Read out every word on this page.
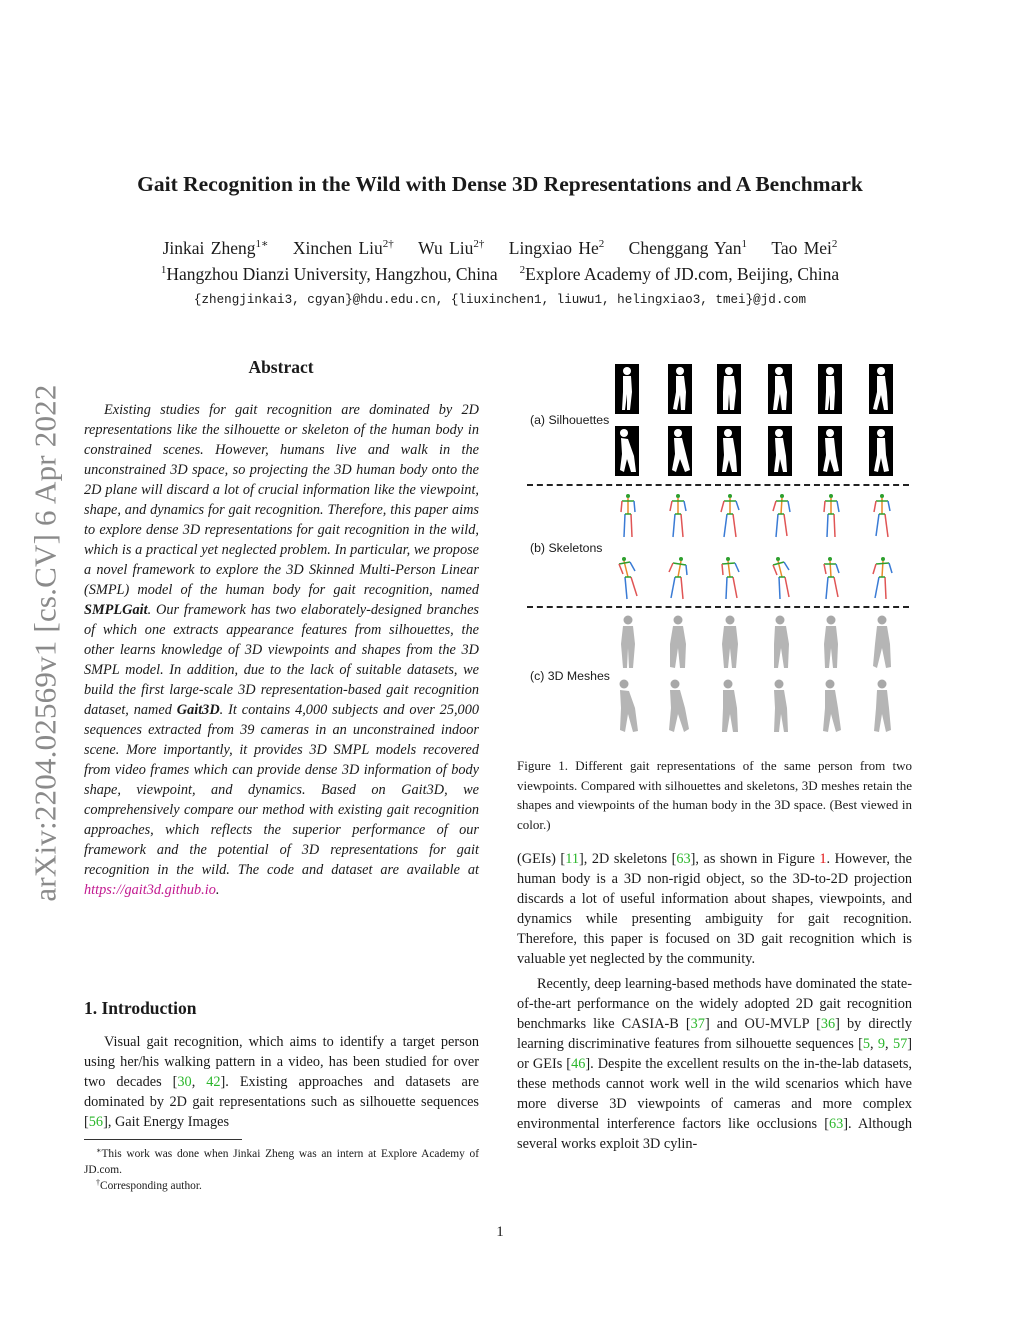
arXiv:2204.02569v1 [cs.CV] 6 Apr 2022
Gait Recognition in the Wild with Dense 3D Representations and A Benchmark
Jinkai Zheng$^{1∗}$ Xinchen Liu$^{2\dagger}$ Wu Liu$^{2\dagger}$ Lingxiao He$^2$ Chenggang Yan$^1$ Tao Mei$^2$
$^1$Hangzhou Dianzi University, Hangzhou, China $^2$Explore Academy of JD.com, Beijing, China
{zhengjinkai3, cgyan}@hdu.edu.cn, {liuxinchen1, liuwu1, helingxiao3, tmei}@jd.com
Abstract
Existing studies for gait recognition are dominated by 2D representations like the silhouette or skeleton of the human body in constrained scenes. However, humans live and walk in the unconstrained 3D space, so projecting the 3D human body onto the 2D plane will discard a lot of crucial information like the viewpoint, shape, and dynamics for gait recognition. Therefore, this paper aims to explore dense 3D representations for gait recognition in the wild, which is a practical yet neglected problem. In particular, we propose a novel framework to explore the 3D Skinned Multi-Person Linear (SMPL) model of the human body for gait recognition, named SMPLGait. Our framework has two elaborately-designed branches of which one extracts appearance features from silhouettes, the other learns knowledge of 3D viewpoints and shapes from the 3D SMPL model. In addition, due to the lack of suitable datasets, we build the first large-scale 3D representation-based gait recognition dataset, named Gait3D. It contains 4,000 subjects and over 25,000 sequences extracted from 39 cameras in an unconstrained indoor scene. More importantly, it provides 3D SMPL models recovered from video frames which can provide dense 3D information of body shape, viewpoint, and dynamics. Based on Gait3D, we comprehensively compare our method with existing gait recognition approaches, which reflects the superior performance of our framework and the potential of 3D representations for gait recognition in the wild. The code and dataset are available at https://gait3d.github.io.
1. Introduction
Visual gait recognition, which aims to identify a target person using her/his walking pattern in a video, has been studied for over two decades [30, 42]. Existing approaches and datasets are dominated by 2D gait representations such as silhouette sequences [56], Gait Energy Images

∗This work was done when Jinkai Zheng was an intern at Explore Academy of JD.com.

†Corresponding author.

(a) Silhouettes
(b) Skeletons
(c) 3D Meshes
Figure 1. Different gait representations of the same person from two viewpoints. Compared with silhouettes and skeletons, 3D meshes retain the shapes and viewpoints of the human body in the 3D space. (Best viewed in color.)

(GEIs) [11], 2D skeletons [63], as shown in Figure 1. However, the human body is a 3D non-rigid object, so the 3D-to-2D projection discards a lot of useful information about shapes, viewpoints, and dynamics while presenting ambiguity for gait recognition. Therefore, this paper is focused on 3D gait recognition which is valuable yet neglected by the community.

Recently, deep learning-based methods have dominated the state-of-the-art performance on the widely adopted 2D gait recognition benchmarks like CASIA-B [37] and OU-MVLP [36] by directly learning discriminative features from silhouette sequences [5, 9, 57] or GEIs [46]. Despite the excellent results on the in-the-lab datasets, these methods cannot work well in the wild scenarios which have more diverse 3D viewpoints of cameras and more complex environmental interference factors like occlusions [63]. Although several works exploit 3D cylin-

1
